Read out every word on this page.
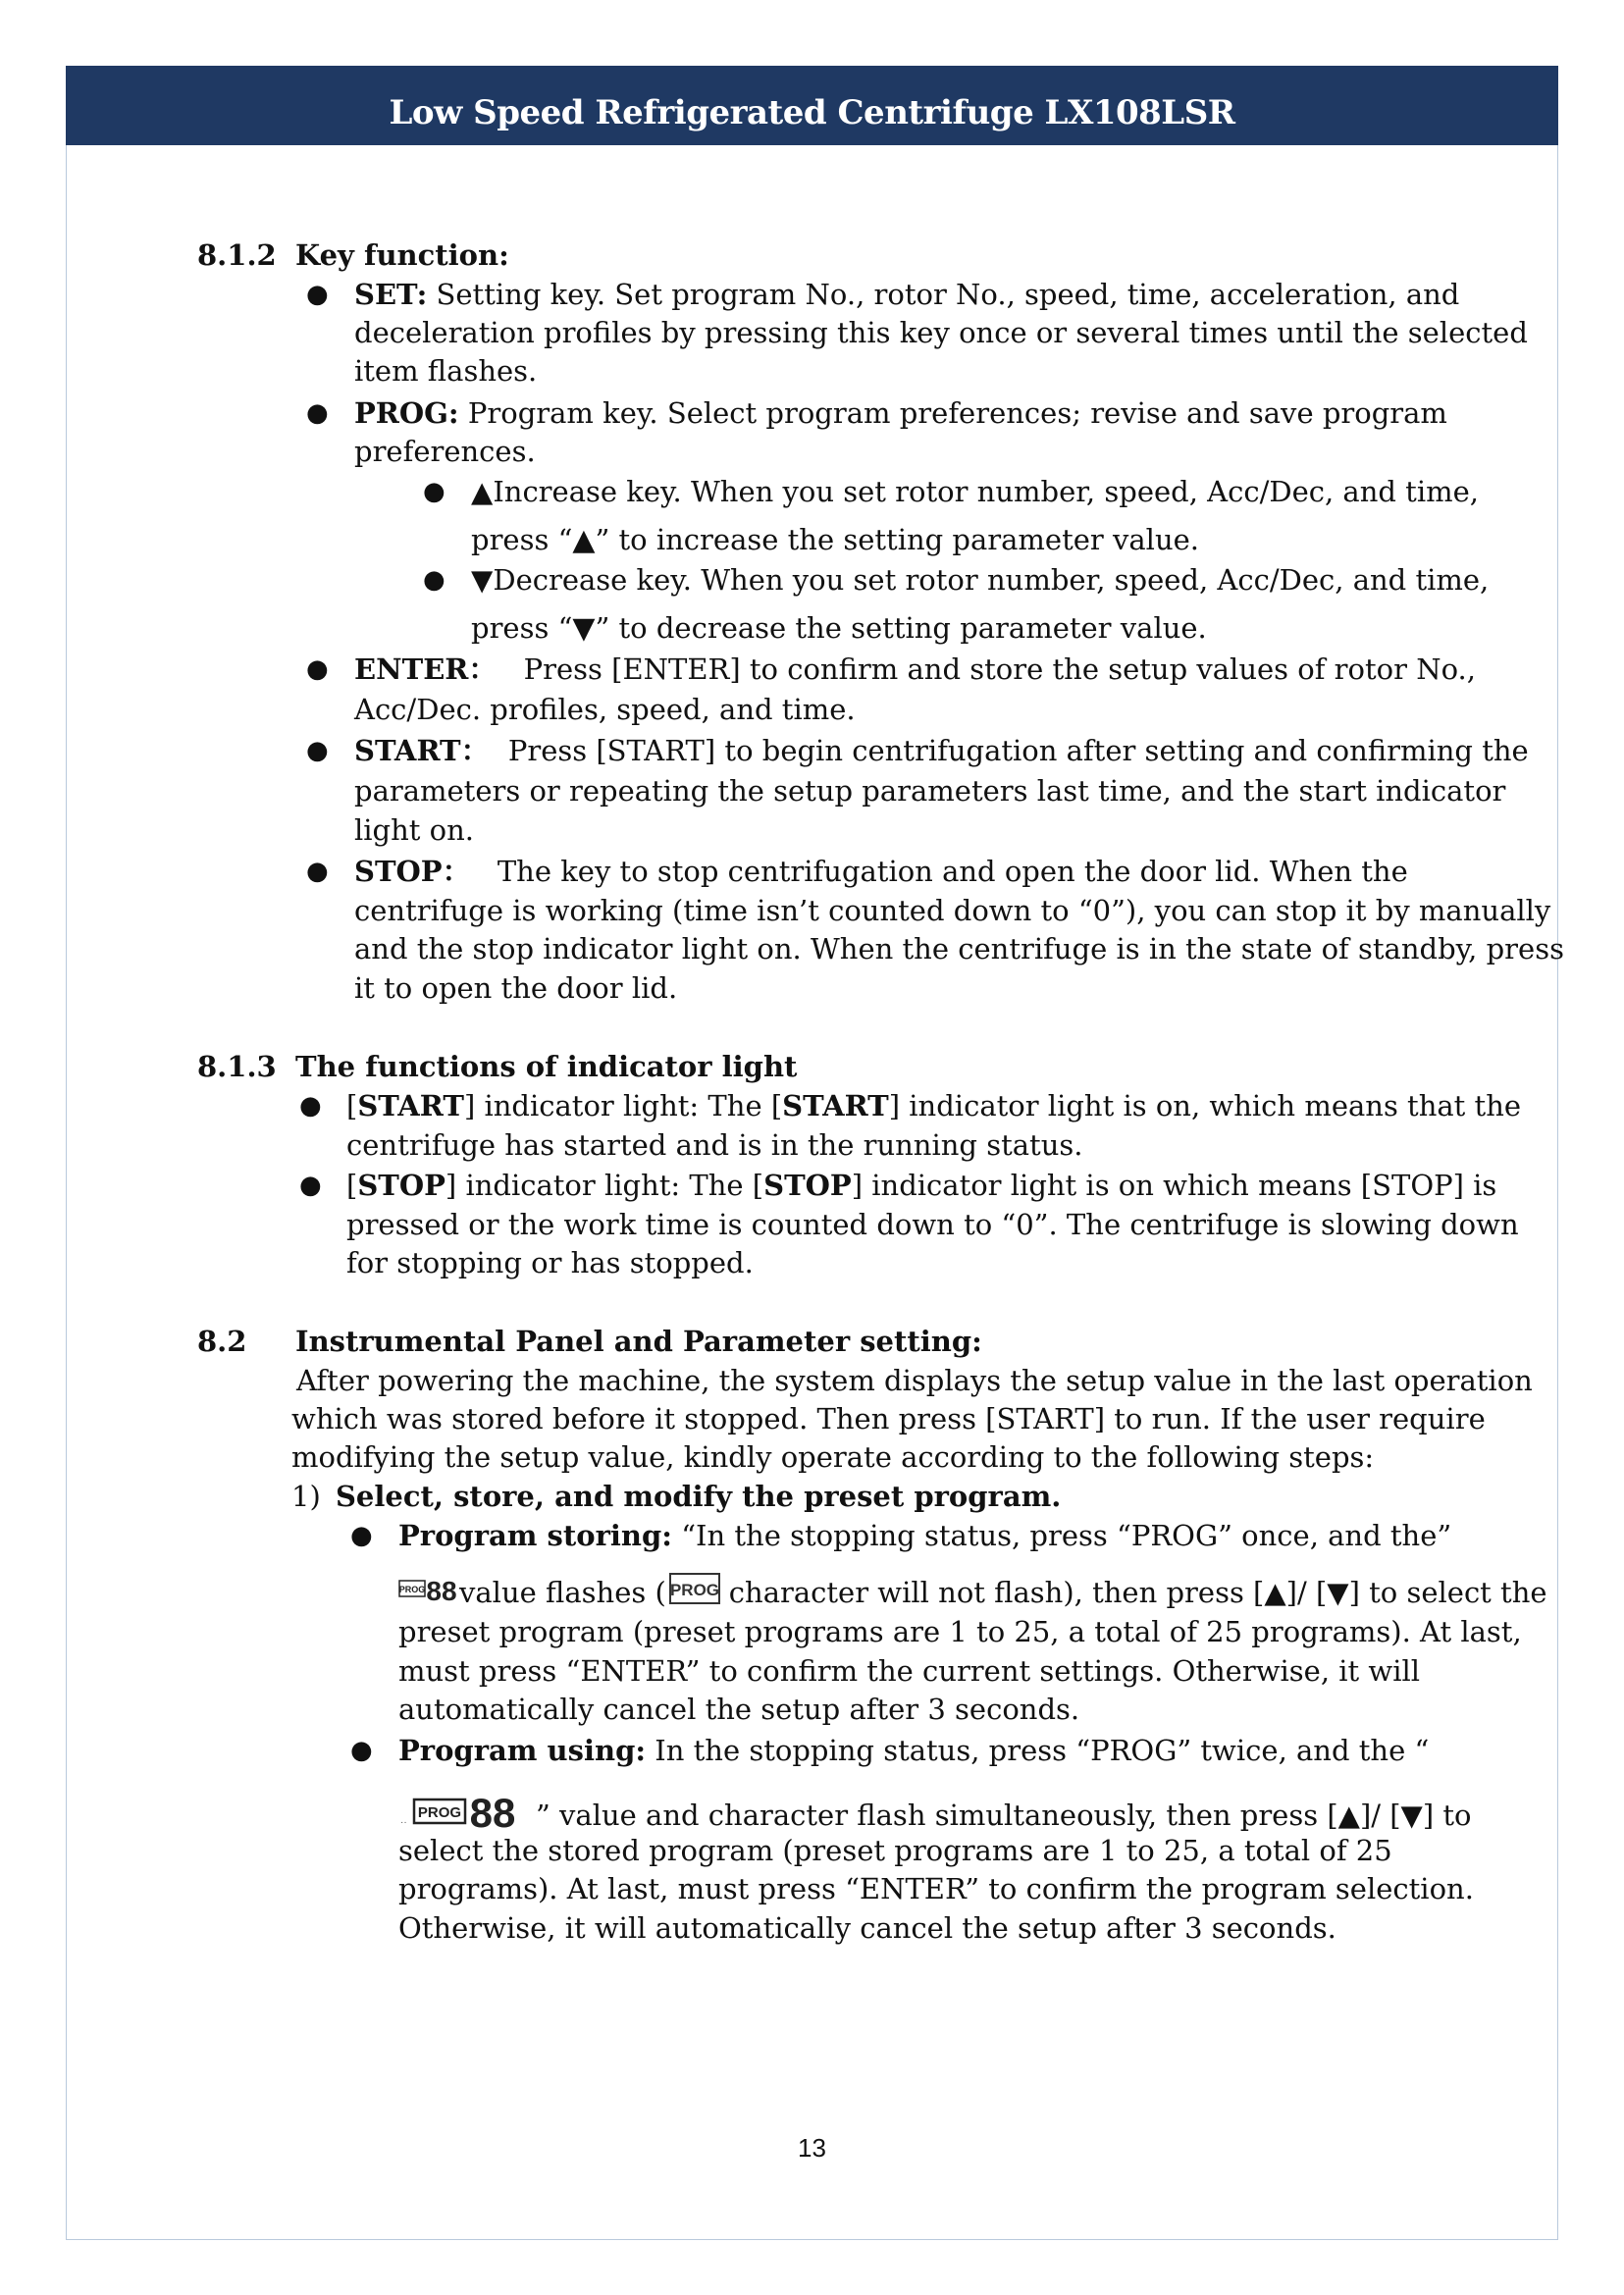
Low Speed Refrigerated Centrifuge LX108LSR
8.1.2 Key function:
● SET: Setting key. Set program No., rotor No., speed, time, acceleration, and
deceleration profiles by pressing this key once or several times until the selected
item flashes.
● PROG: Program key. Select program preferences; revise and save program
preferences.
● ▲Increase key. When you set rotor number, speed, Acc/Dec, and time,
press “▲” to increase the setting parameter value.
● ▼Decrease key. When you set rotor number, speed, Acc/Dec, and time,
press “▼” to decrease the setting parameter value.
● ENTER： Press [ENTER] to confirm and store the setup values of rotor No.,
Acc/Dec. profiles, speed, and time.
● START： Press [START] to begin centrifugation after setting and confirming the
parameters or repeating the setup parameters last time, and the start indicator
light on.
● STOP： The key to stop centrifugation and open the door lid. When the
centrifuge is working (time isn’t counted down to “0”), you can stop it by manually
and the stop indicator light on. When the centrifuge is in the state of standby, press
it to open the door lid.
8.1.3 The functions of indicator light
● [START] indicator light: The [START] indicator light is on, which means that the
centrifuge has started and is in the running status.
● [STOP] indicator light: The [STOP] indicator light is on which means [STOP] is
pressed or the work time is counted down to “0”. The centrifuge is slowing down
for stopping or has stopped.
8.2 Instrumental Panel and Parameter setting:
After powering the machine, the system displays the setup value in the last operation
which was stored before it stopped. Then press [START] to run. If the user require
modifying the setup value, kindly operate according to the following steps:
1) Select, store, and modify the preset program.
● Program storing: “In the stopping status, press “PROG” once, and the”
PROG 88 value flashes ( PROG character will not flash), then press [▲]/ [▼] to select the
preset program (preset programs are 1 to 25, a total of 25 programs). At last,
must press “ENTER” to confirm the current settings. Otherwise, it will
automatically cancel the setup after 3 seconds.
● Program using: In the stopping status, press “PROG” twice, and the “
··
PROG 88 ” value and character flash simultaneously, then press [▲]/ [▼] to
select the stored program (preset programs are 1 to 25, a total of 25
programs). At last, must press “ENTER” to confirm the program selection.
Otherwise, it will automatically cancel the setup after 3 seconds.
13
